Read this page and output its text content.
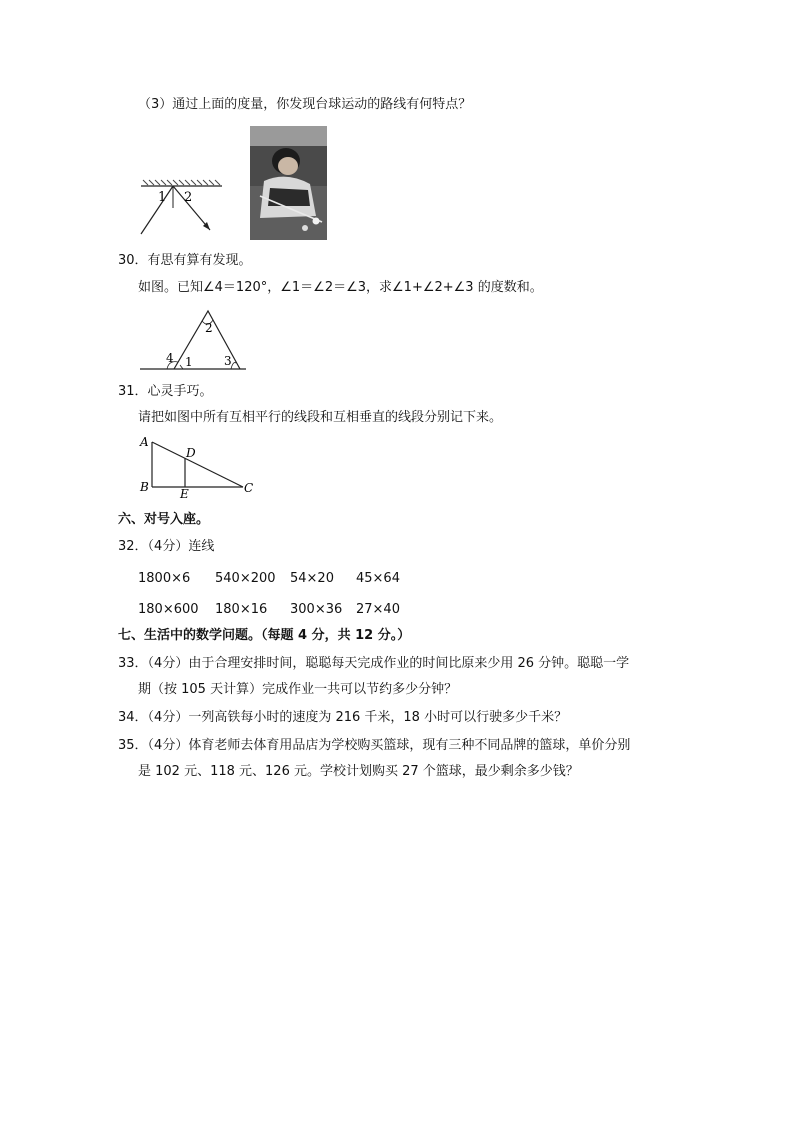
（3）通过上面的度量，你发现台球运动的路线有何特点？
1 2
30．有思有算有发现。
如图。已知∠4＝120°，∠1＝∠2＝∠3，求∠1+∠2+∠3 的度数和。
2
4 1	3
31．心灵手巧。
请把如图中所有互相平行的线段和互相垂直的线段分别记下来。
A
D
B	E	C
六、对号入座。
32．（4分）连线
1800×6 540×200 54×20 45×64
180×600 180×16 300×36 27×40
七、生活中的数学问题。（每题 4 分，共 12 分。）
33．（4分）由于合理安排时间，聪聪每天完成作业的时间比原来少用 26 分钟。聪聪一学
期（按 105 天计算）完成作业一共可以节约多少分钟？
34．（4分）一列高铁每小时的速度为 216 千米，18 小时可以行驶多少千米？
35．（4分）体育老师去体育用品店为学校购买篮球，现有三种不同品牌的篮球，单价分别
是 102 元、118 元、126 元。学校计划购买 27 个篮球，最少剩余多少钱？
